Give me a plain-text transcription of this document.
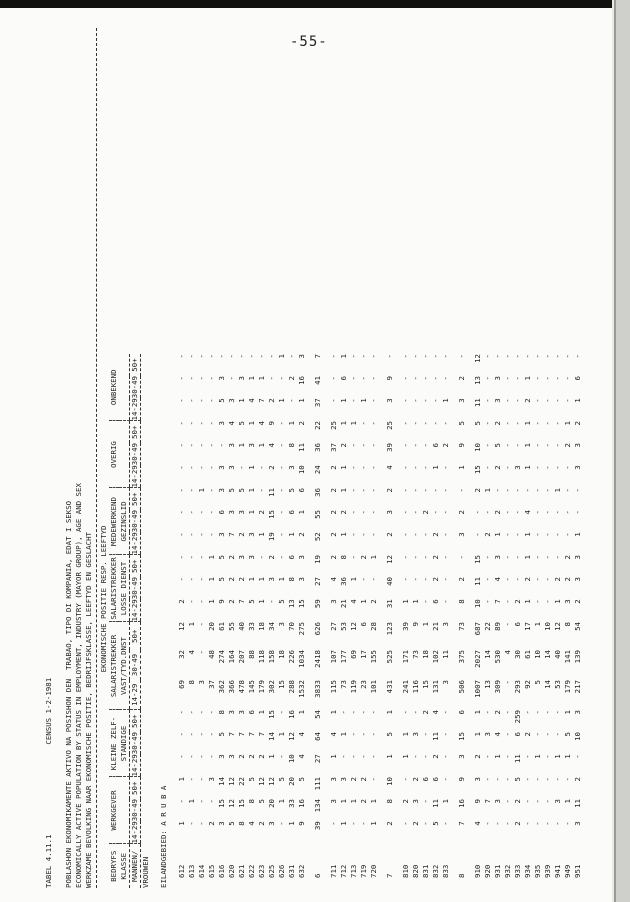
-55-
TABEL 4.11.1
CENSUS 1-2-1981 POBLASHON EKONOMIKAMENTE AKTIVO NA POSISHON DEN  TRABAO, TIPO DI KOMPANIA, EDAT I SEKSO ECONOMICALLY ACTIVE POPULATION BY STATUS IN EMPLOYMENT, INDUSTRY (MAYOR GROUP), AGE AND SEX WERKZAME BEVOLKING NAAR EKONOMISCHE POSITIE, BEDRIJFSKLASSE, LEEFTYD EN GESLACHT
	EKONOMISCHE POSITIE RESP. LEEFTYD																				
BEDRYFS	WERKGEVER			KLEINE ZELF-			SALARISTREKKER			SALARISTREKKER			MEDEWERKEND			OVERIG			ONBEKEND		
KLASSE				STANDIGE			VAST/TYD.DNST			LOSSE DIENST			GEZINSLID								
MANNEN/	14-29	30-49	50+	14-29	30-49	50+	14-29	30-49	50+	14-29	30-49	50+	14-29	30-49	50+	14-29	30-49	50+	14-29	30-49	50+
VROUWEN																					

EILANDGEBIED: A R U B A																					

612	1	-	1	-	-	-	69	32	12	2	-	-	-	-	-	-	-	-	-	-	-
613	-	1	-	-	-	-	8	4	1	-	-	-	-	-	-	-	-	-	-	-	-
614	-	-	-	-	-	-	3	-	-	-	-	-	-	-	1	-	-	-	-	-	-
615	2	-	3	-	-	-	37	48	20	1	1	1	-	-	-	-	-	-	-	-	-
616	3	15	14	3	5	8	362	274	61	9	5	5	3	6	3	3	-	3	5	3	-
620	5	12	12	3	7	3	366	164	55	2	2	2	7	3	5	3	3	4	3	-	-
621	8	15	22	2	7	3	478	207	40	7	2	3	2	3	5	-	1	5	1	3	-
622	4	8	5	2	7	6	145	88	33	5	1	3	3	1	1	1	3	1	4	1	-
623	2	5	12	2	7	1	179	118	18	1	1	-	1	2	-	-	1	4	7	1	-
625	3	20	12	1	14	15	302	158	34	-	3	2	19	15	11	2	4	9	2	-	-
626	-	1	5	-	1	-	15	18	3	5	1	-	-	-	-	-	-	-	1	-	1
631	1	33	20	10	12	16	288	226	70	13	8	6	1	6	5	3	8	1	-	2	-
632	9	16	5	4	4	1	1532	1034	275	15	3	3	2	1	6	10	11	2	1	16	3

6	39	134	111	27	64	54	3833	2418	626	59	27	19	52	55	36	24	36	22	37	41	7

711	-	3	3	1	4	1	115	107	27	3	4	2	2	2	2	2	37	25	-	-	-
712	1	1	3	-	1	-	73	177	53	21	36	8	1	2	1	1	2	1	1	6	1
713	-	1	2	-	-	-	119	69	12	4	1	-	-	-	-	-	-	1	-	-	-
719	-	2	2	-	-	-	23	17	6	1	-	2	-	-	-	-	-	-	1	-	-
720	1	1	-	-	-	-	101	155	28	2	-	1	-	-	-	-	-	-	-	-	-

7	2	8	10	1	5	1	431	525	123	31	40	12	2	3	2	4	39	25	3	9	-

810	-	2	-	1	1	-	241	171	39	1	-	-	-	-	-	-	-	-	-	-	-
820	2	3	2	-	3	-	116	73	9	1	-	-	-	-	-	-	-	-	-	-	-
831	-	-	6	-	-	2	15	18	1	-	-	-	-	2	-	-	-	-	-	-	-
832	5	11	6	2	11	4	131	102	21	6	2	2	2	-	-	1	6	-	-	-	-
833	-	1	-	-	-	-	3	11	3	-	-	-	-	-	-	-	2	-	1	-	-

8	7	16	9	3	15	6	506	375	73	8	2	-	3	2	-	1	9	5	3	2	-

910	4	9	3	2	1	1	1007	2027	687	10	11	15	-	-	2	15	10	5	11	13	12
920	-	7	-	-	3	-	13	14	22	-	-	-	2	-	1	-	-	-	-	-	-
931	-	3	-	1	4	2	309	530	89	7	4	3	1	2	-	2	5	2	3	3	-
932	-	-	-	-	-	-	-	4	-	-	-	-	-	-	-	-	-	-	-	-	-
933	2	2	5	11	6	259	293	30	6	2	-	-	-	-	-	3	-	-	-	-	-
934	-	-	-	-	2	-	92	61	17	1	2	1	1	4	-	1	1	1	2	1	-
935	-	-	-	1	-	-	5	10	1	-	-	-	-	-	-	-	-	-	-	-	-
939	-	-	-	-	-	-	14	14	10	-	-	-	-	-	-	-	-	-	-	-	-
941	-	3	-	1	-	-	53	40	12	1	2	-	-	-	1	-	-	-	-	-	-
949	-	1	-	1	5	1	179	141	8	3	2	2	-	-	-	-	2	1	-	-	-
951	3	11	2	-	10	3	217	139	54	2	3	3	1	-	-	3	3	2	1	6	-
